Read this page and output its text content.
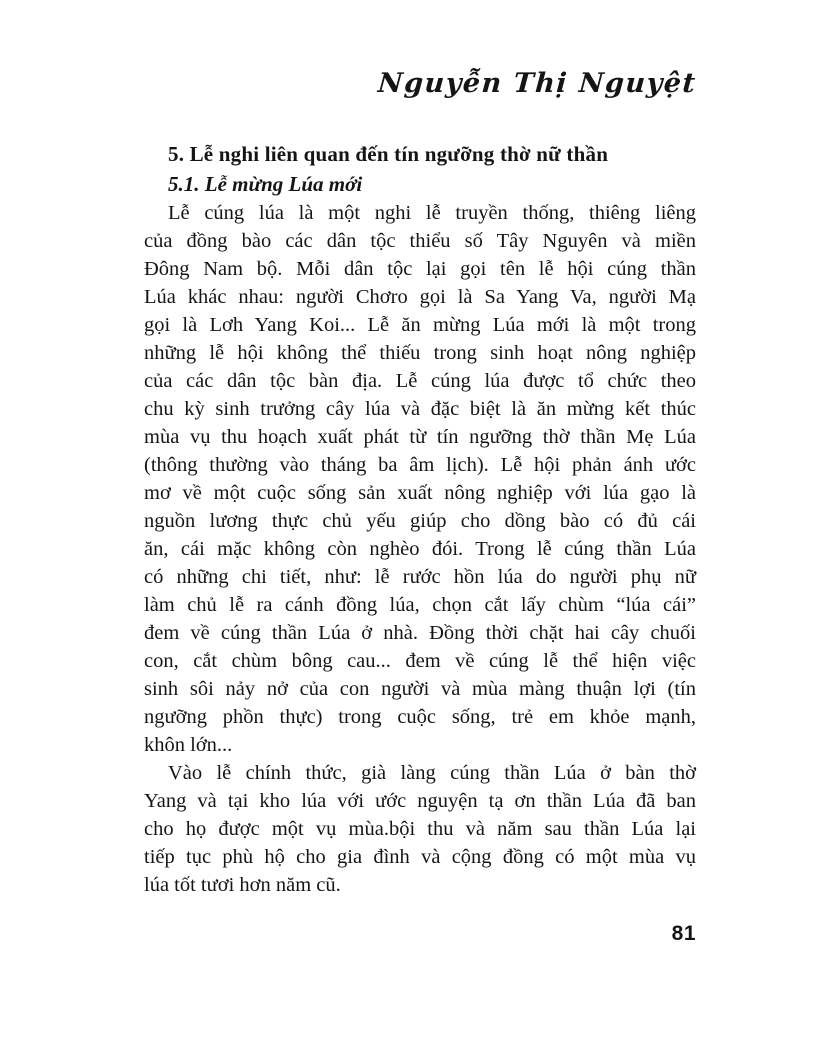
Nguyễn Thị Nguyệt
5. Lễ nghi liên quan đến tín ngưỡng thờ nữ thần
5.1. Lễ mừng Lúa mới
Lễ cúng lúa là một nghi lễ truyền thống, thiêng liêng
của đồng bào các dân tộc thiểu số Tây Nguyên và miền
Đông Nam bộ. Mỗi dân tộc lại gọi tên lễ hội cúng thần
Lúa khác nhau: người Chơro gọi là Sa Yang Va, người Mạ
gọi là Lơh Yang Koi... Lễ ăn mừng Lúa mới là một trong
những lễ hội không thể thiếu trong sinh hoạt nông nghiệp
của các dân tộc bàn địa. Lễ cúng lúa được tổ chức theo
chu kỳ sinh trưởng cây lúa và đặc biệt là ăn mừng kết thúc
mùa vụ thu hoạch xuất phát từ tín ngưỡng thờ thần Mẹ Lúa
(thông thường vào tháng ba âm lịch). Lễ hội phản ánh ước
mơ về một cuộc sống sản xuất nông nghiệp với lúa gạo là
nguồn lương thực chủ yếu giúp cho dồng bào có đủ cái
ăn, cái mặc không còn nghèo đói. Trong lễ cúng thần Lúa
có những chi tiết, như: lễ rước hồn lúa do người phụ nữ
làm chủ lễ ra cánh đồng lúa, chọn cắt lấy chùm “lúa cái”
đem về cúng thần Lúa ở nhà. Đồng thời chặt hai cây chuối
con, cắt chùm bông cau... đem về cúng lễ thể hiện việc
sinh sôi nảy nở của con người và mùa màng thuận lợi (tín
ngưỡng phồn thực) trong cuộc sống, trẻ em khỏe mạnh,
khôn lớn...
Vào lễ chính thức, già làng cúng thần Lúa ở bàn thờ
Yang và tại kho lúa với ước nguyện tạ ơn thần Lúa đã ban
cho họ được một vụ mùa.bội thu và năm sau thần Lúa lại
tiếp tục phù hộ cho gia đình và cộng đồng có một mùa vụ
lúa tốt tươi hơn năm cũ.
81
